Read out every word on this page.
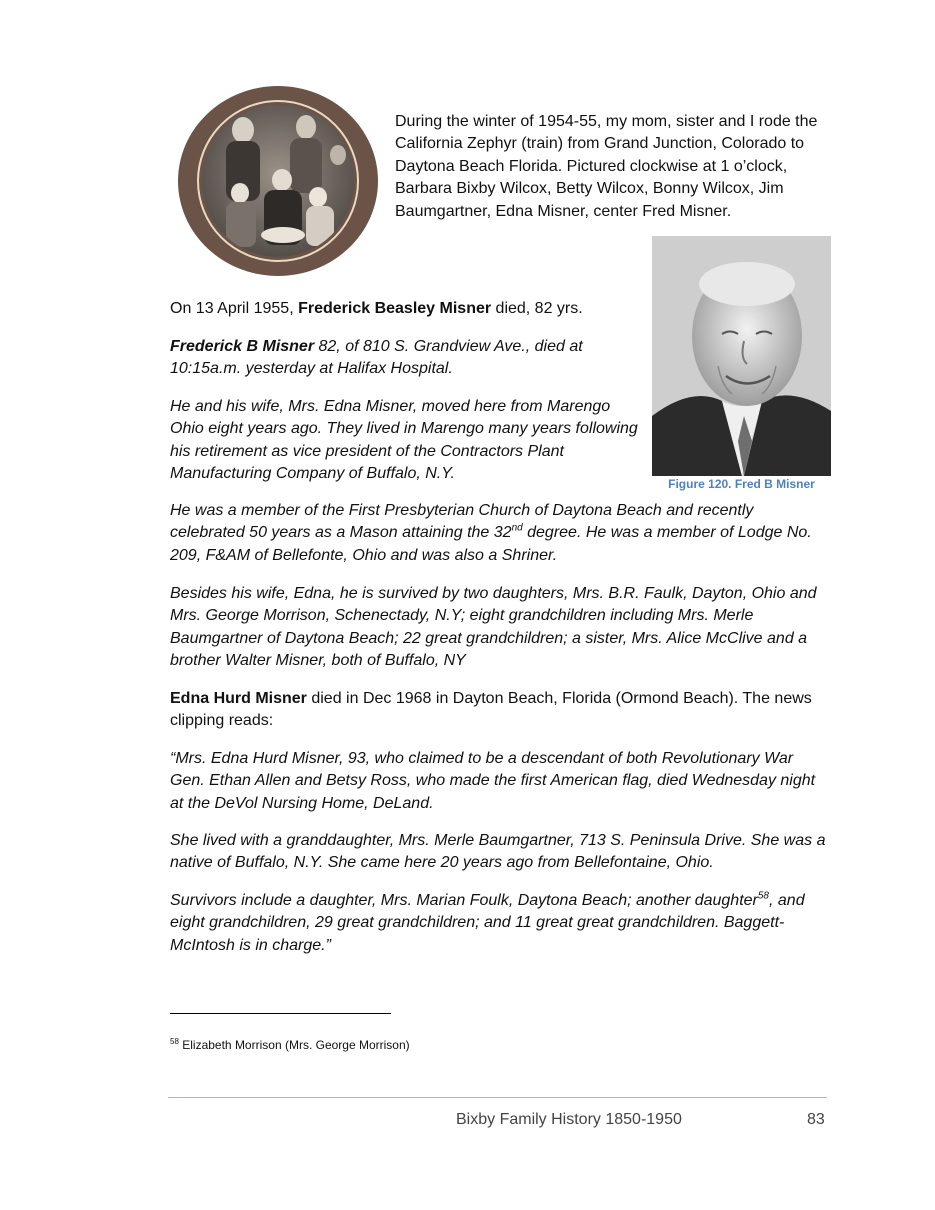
During the winter of 1954-55, my mom, sister and I rode the California Zephyr (train) from Grand Junction, Colorado to Daytona Beach Florida. Pictured clockwise at 1 o’clock, Barbara Bixby Wilcox, Betty Wilcox, Bonny Wilcox, Jim Baumgartner, Edna Misner, center Fred Misner.

Figure 120. Fred B Misner

On 13 April 1955, Frederick Beasley Misner died, 82 yrs.

Frederick B Misner 82, of 810 S. Grandview Ave., died at 10:15a.m. yesterday at Halifax Hospital.

He and his wife, Mrs. Edna Misner, moved here from Marengo Ohio eight years ago. They lived in Marengo many years following his retirement as vice president of the Contractors Plant Manufacturing Company of Buffalo, N.Y.

He was a member of the First Presbyterian Church of Daytona Beach and recently celebrated 50 years as a Mason attaining the 32nd degree. He was a member of Lodge No. 209, F&AM of Bellefonte, Ohio and was also a Shriner.

Besides his wife, Edna, he is survived by two daughters, Mrs. B.R. Faulk, Dayton, Ohio and Mrs. George Morrison, Schenectady, N.Y; eight grandchildren including Mrs. Merle Baumgartner of Daytona Beach; 22 great grandchildren; a sister, Mrs. Alice McClive and a brother Walter Misner, both of Buffalo, NY

Edna Hurd Misner died in Dec 1968 in Dayton Beach, Florida (Ormond Beach). The news clipping reads:

“Mrs. Edna Hurd Misner, 93, who claimed to be a descendant of both Revolutionary War Gen. Ethan Allen and Betsy Ross, who made the first American flag, died Wednesday night at the DeVol Nursing Home, DeLand.

She lived with a granddaughter, Mrs. Merle Baumgartner, 713 S. Peninsula Drive. She was a native of Buffalo, N.Y. She came here 20 years ago from Bellefontaine, Ohio.

Survivors include a daughter, Mrs. Marian Foulk, Daytona Beach; another daughter$^{58}$, and eight grandchildren, 29 great grandchildren; and 11 great great grandchildren. Baggett-McIntosh is in charge.”

$^{58}$ Elizabeth Morrison (Mrs. George Morrison)
Bixby Family History 1850-1950	83
